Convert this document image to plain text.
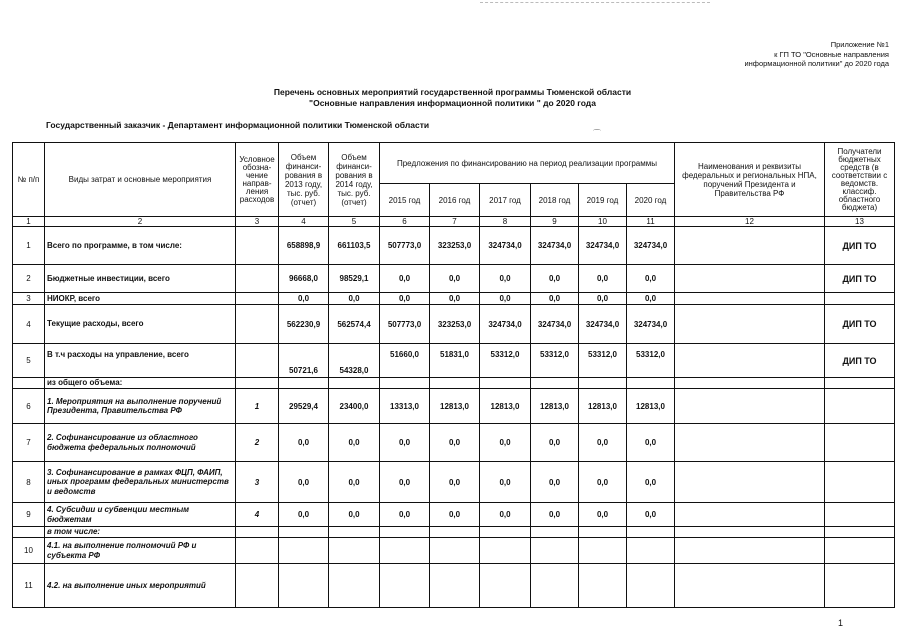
Приложение №1
к ГП ТО "Основные направления
информационной политики" до 2020 года
Перечень основных мероприятий государственной программы Тюменской области
"Основные направления информационной политики " до 2020 года
Государственный заказчик - Департамент информационной политики Тюменской области
⌒
№ п/п	Виды затрат и основные мероприятия	Условное обозна-чение направ-ления расходов	Объем финанси-рования в 2013 году, тыс. руб. (отчет)	Объем финанси-рования в 2014 году, тыс. руб. (отчет)	Предложения по финансированию на период реализации программы						Наименования и реквизиты федеральных и региональных НПА, поручений Президента и Правительства РФ	Получатели бюджетных средств (в соответствии с ведомств. классиф. областного бюджета)
					2015 год	2016 год	2017 год	2018 год	2019 год	2020 год		
1	2	3	4	5	6	7	8	9	10	11	12	13
1	Всего по программе, в том числе:		658898,9	661103,5	507773,0	323253,0	324734,0	324734,0	324734,0	324734,0		ДИП ТО
2	Бюджетные инвестиции, всего		96668,0	98529,1	0,0	0,0	0,0	0,0	0,0	0,0		ДИП ТО
3	НИОКР, всего		0,0	0,0	0,0	0,0	0,0	0,0	0,0	0,0		
4	Текущие расходы, всего		562230,9	562574,4	507773,0	323253,0	324734,0	324734,0	324734,0	324734,0		ДИП ТО
5	В т.ч расходы на управление, всего		50721,6	54328,0	51660,0	51831,0	53312,0	53312,0	53312,0	53312,0		ДИП ТО
	из общего объема:											
6	1. Мероприятия на выполнение поручений Президента, Правительства РФ	1	29529,4	23400,0	13313,0	12813,0	12813,0	12813,0	12813,0	12813,0		
7	2. Софинансирование из областного бюджета федеральных полномочий	2	0,0	0,0	0,0	0,0	0,0	0,0	0,0	0,0		
8	3. Софинансирование в рамках ФЦП, ФАИП, иных программ федеральных министерств и ведомств	3	0,0	0,0	0,0	0,0	0,0	0,0	0,0	0,0		
9	4. Субсидии и субвенции местным бюджетам	4	0,0	0,0	0,0	0,0	0,0	0,0	0,0	0,0		
	в том числе:											
10	4.1. на выполнение полномочий РФ и субъекта РФ											
11	4.2. на выполнение иных мероприятий											
1
